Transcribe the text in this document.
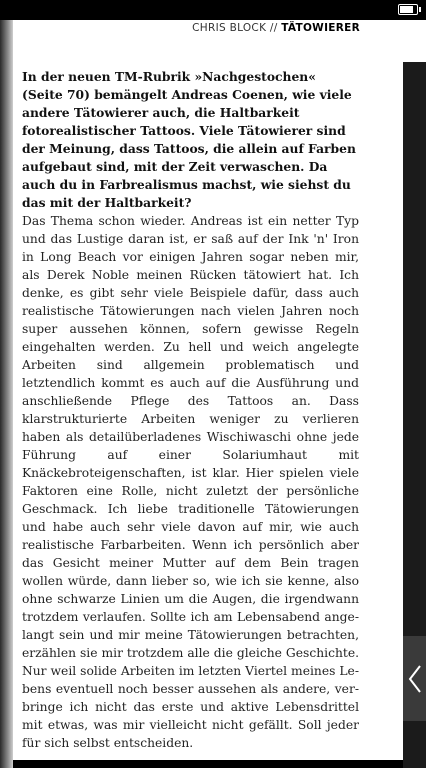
CHRIS BLOCK // TÄTOWIERER

In der neuen TM-Rubrik »Nachgestochen« (Seite 70) bemängelt Andreas Coenen, wie viele andere Tätowierer auch, die Haltbarkeit fotorealistischer Tattoos. Viele Tätowierer sind der Meinung, dass Tattoos, die allein auf Farben aufgebaut sind, mit der Zeit verwaschen. Da auch du in Farbrealismus machst, wie siehst du das mit der Haltbarkeit?

Das Thema schon wieder. Andreas ist ein netter Typ und das Lustige daran ist, er saß auf der Ink 'n' Iron in Long Beach vor einigen Jahren sogar neben mir, als Derek Noble meinen Rücken tätowiert hat. Ich denke, es gibt sehr viele Beispiele dafür, dass auch realistische Tätowierungen nach vielen Jahren noch super aussehen können, sofern gewisse Regeln eingehalten werden. Zu hell und weich angelegte Arbeiten sind allgemein problematisch und letztendlich kommt es auch auf die Ausführung und anschließende Pflege des Tattoos an. Dass klarstrukturierte Arbeiten weniger zu verlieren haben als detailüberladenes Wischiwaschi ohne jede Führung auf einer Solariumhaut mit Knäckebroteigenschaften, ist klar. Hier spielen viele Faktoren eine Rolle, nicht zuletzt der persönliche Geschmack. Ich liebe traditionelle Tätowierungen und habe auch sehr viele davon auf mir, wie auch realistische Farbarbeiten. Wenn ich persönlich aber das Gesicht meiner Mutter auf dem Bein tragen wollen würde, dann lieber so, wie ich sie kenne, also ohne schwarze Linien um die Augen, die irgendwann trotzdem verlaufen. Sollte ich am Lebensabend angelangt sein und mir meine Tätowierungen betrachten, erzählen sie mir trotzdem alle die gleiche Geschichte. Nur weil solide Arbeiten im letzten Viertel meines Lebens eventuell noch besser aussehen als andere, verbringe ich nicht das erste und aktive Lebensdrittel mit etwas, was mir vielleicht nicht gefällt. Soll jeder für sich selbst entscheiden.
